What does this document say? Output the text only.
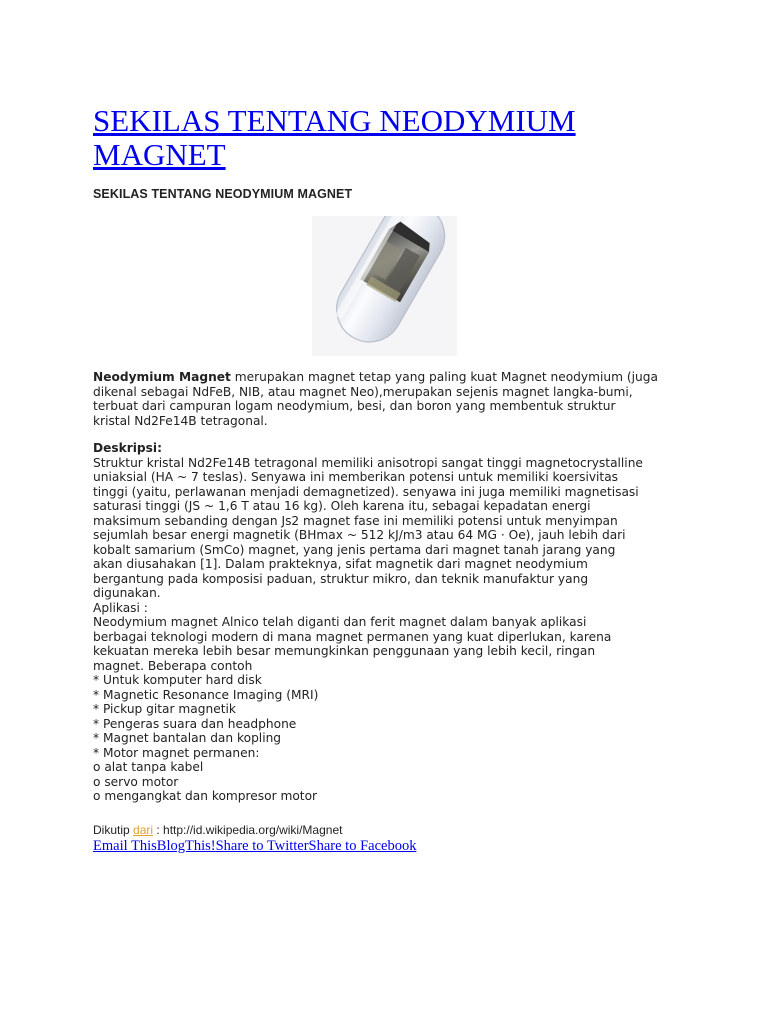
SEKILAS TENTANG NEODYMIUM MAGNET
SEKILAS TENTANG NEODYMIUM MAGNET
Neodymium Magnet merupakan magnet tetap yang paling kuat Magnet neodymium (juga
dikenal sebagai NdFeB, NIB, atau magnet Neo),merupakan sejenis magnet langka-bumi,
terbuat dari campuran logam neodymium, besi, dan boron yang membentuk struktur
kristal Nd2Fe14B tetragonal.
Deskripsi:
Struktur kristal Nd2Fe14B tetragonal memiliki anisotropi sangat tinggi magnetocrystalline
uniaksial (HA ~ 7 teslas). Senyawa ini memberikan potensi untuk memiliki koersivitas
tinggi (yaitu, perlawanan menjadi demagnetized). senyawa ini juga memiliki magnetisasi
saturasi tinggi (JS ~ 1,6 T atau 16 kg). Oleh karena itu, sebagai kepadatan energi
maksimum sebanding dengan Js2 magnet fase ini memiliki potensi untuk menyimpan
sejumlah besar energi magnetik (BHmax ~ 512 kJ/m3 atau 64 MG · Oe), jauh lebih dari
kobalt samarium (SmCo) magnet, yang jenis pertama dari magnet tanah jarang yang
akan diusahakan [1]. Dalam prakteknya, sifat magnetik dari magnet neodymium
bergantung pada komposisi paduan, struktur mikro, dan teknik manufaktur yang
digunakan.
Aplikasi :
Neodymium magnet Alnico telah diganti dan ferit magnet dalam banyak aplikasi
berbagai teknologi modern di mana magnet permanen yang kuat diperlukan, karena
kekuatan mereka lebih besar memungkinkan penggunaan yang lebih kecil, ringan
magnet. Beberapa contoh
* Untuk komputer hard disk
* Magnetic Resonance Imaging (MRI)
* Pickup gitar magnetik
* Pengeras suara dan headphone
* Magnet bantalan dan kopling
* Motor magnet permanen:
o alat tanpa kabel
o servo motor
o mengangkat dan kompresor motor
Dikutip dari : http://id.wikipedia.org/wiki/Magnet
Email ThisBlogThis!Share to TwitterShare to Facebook
